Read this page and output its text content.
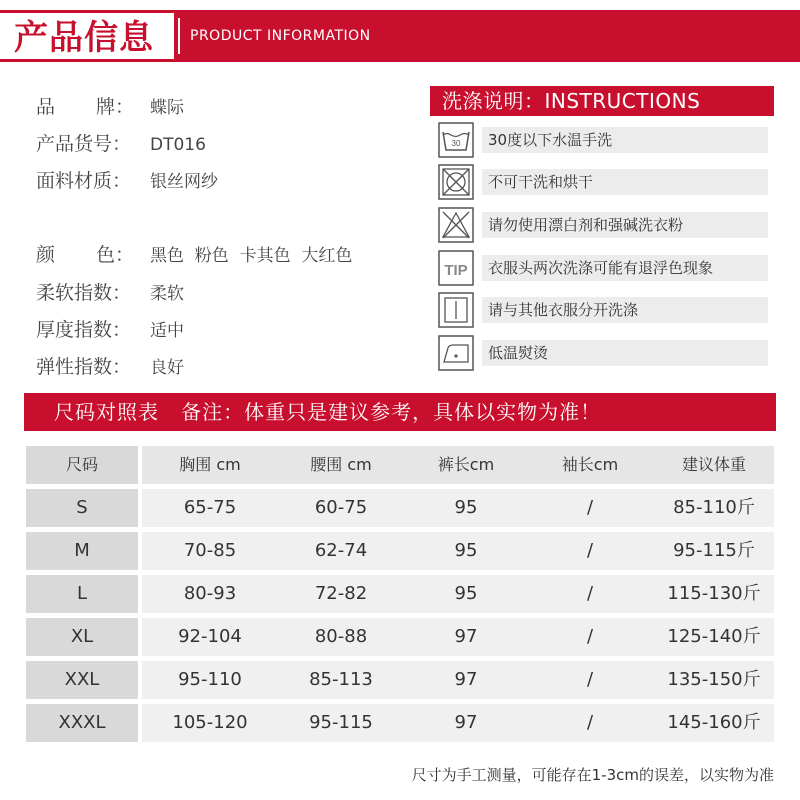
产品信息	PRODUCT INFORMATION
品 牌： 蝶际
产品货号： DT016
面料材质： 银丝网纱
颜 色： 黑色  粉色  卡其色  大红色
柔软指数： 柔软
厚度指数： 适中
弹性指数： 良好
洗涤说明：INSTRUCTIONS
30	30度以下水温手洗
不可干洗和烘干
请勿使用漂白剂和强碱洗衣粉
TIP	衣服头两次洗涤可能有退浮色现象
请与其他衣服分开洗涤
低温熨烫
尺码对照表   备注：体重只是建议参考，具体以实物为准！
尺码	胸围 cm	腰围 cm	裤长cm	袖长cm	建议体重
S	65-75	60-75	95	/	85-110斤
M	70-85	62-74	95	/	95-115斤
L	80-93	72-82	95	/	115-130斤
XL	92-104	80-88	97	/	125-140斤
XXL	95-110	85-113	97	/	135-150斤
XXXL	105-120	95-115	97	/	145-160斤
尺寸为手工测量，可能存在1-3cm的误差，以实物为准
